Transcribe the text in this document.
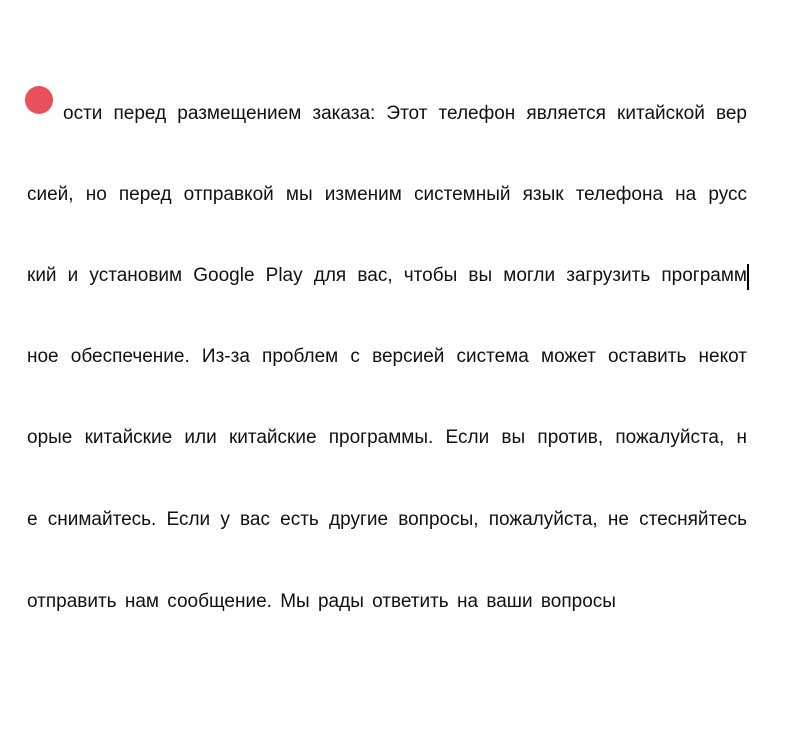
ости перед размещением заказа: Этот телефон является китайской вер
сией, но перед отправкой мы изменим системный язык телефона на русс
кий и установим Google Play для вас, чтобы вы могли загрузить программ
ное обеспечение. Из-за проблем с версией система может оставить некот
орые китайские или китайские программы. Если вы против, пожалуйста, н
е снимайтесь. Если у вас есть другие вопросы, пожалуйста, не стесняйтесь
отправить нам сообщение. Мы рады ответить на ваши вопросы
